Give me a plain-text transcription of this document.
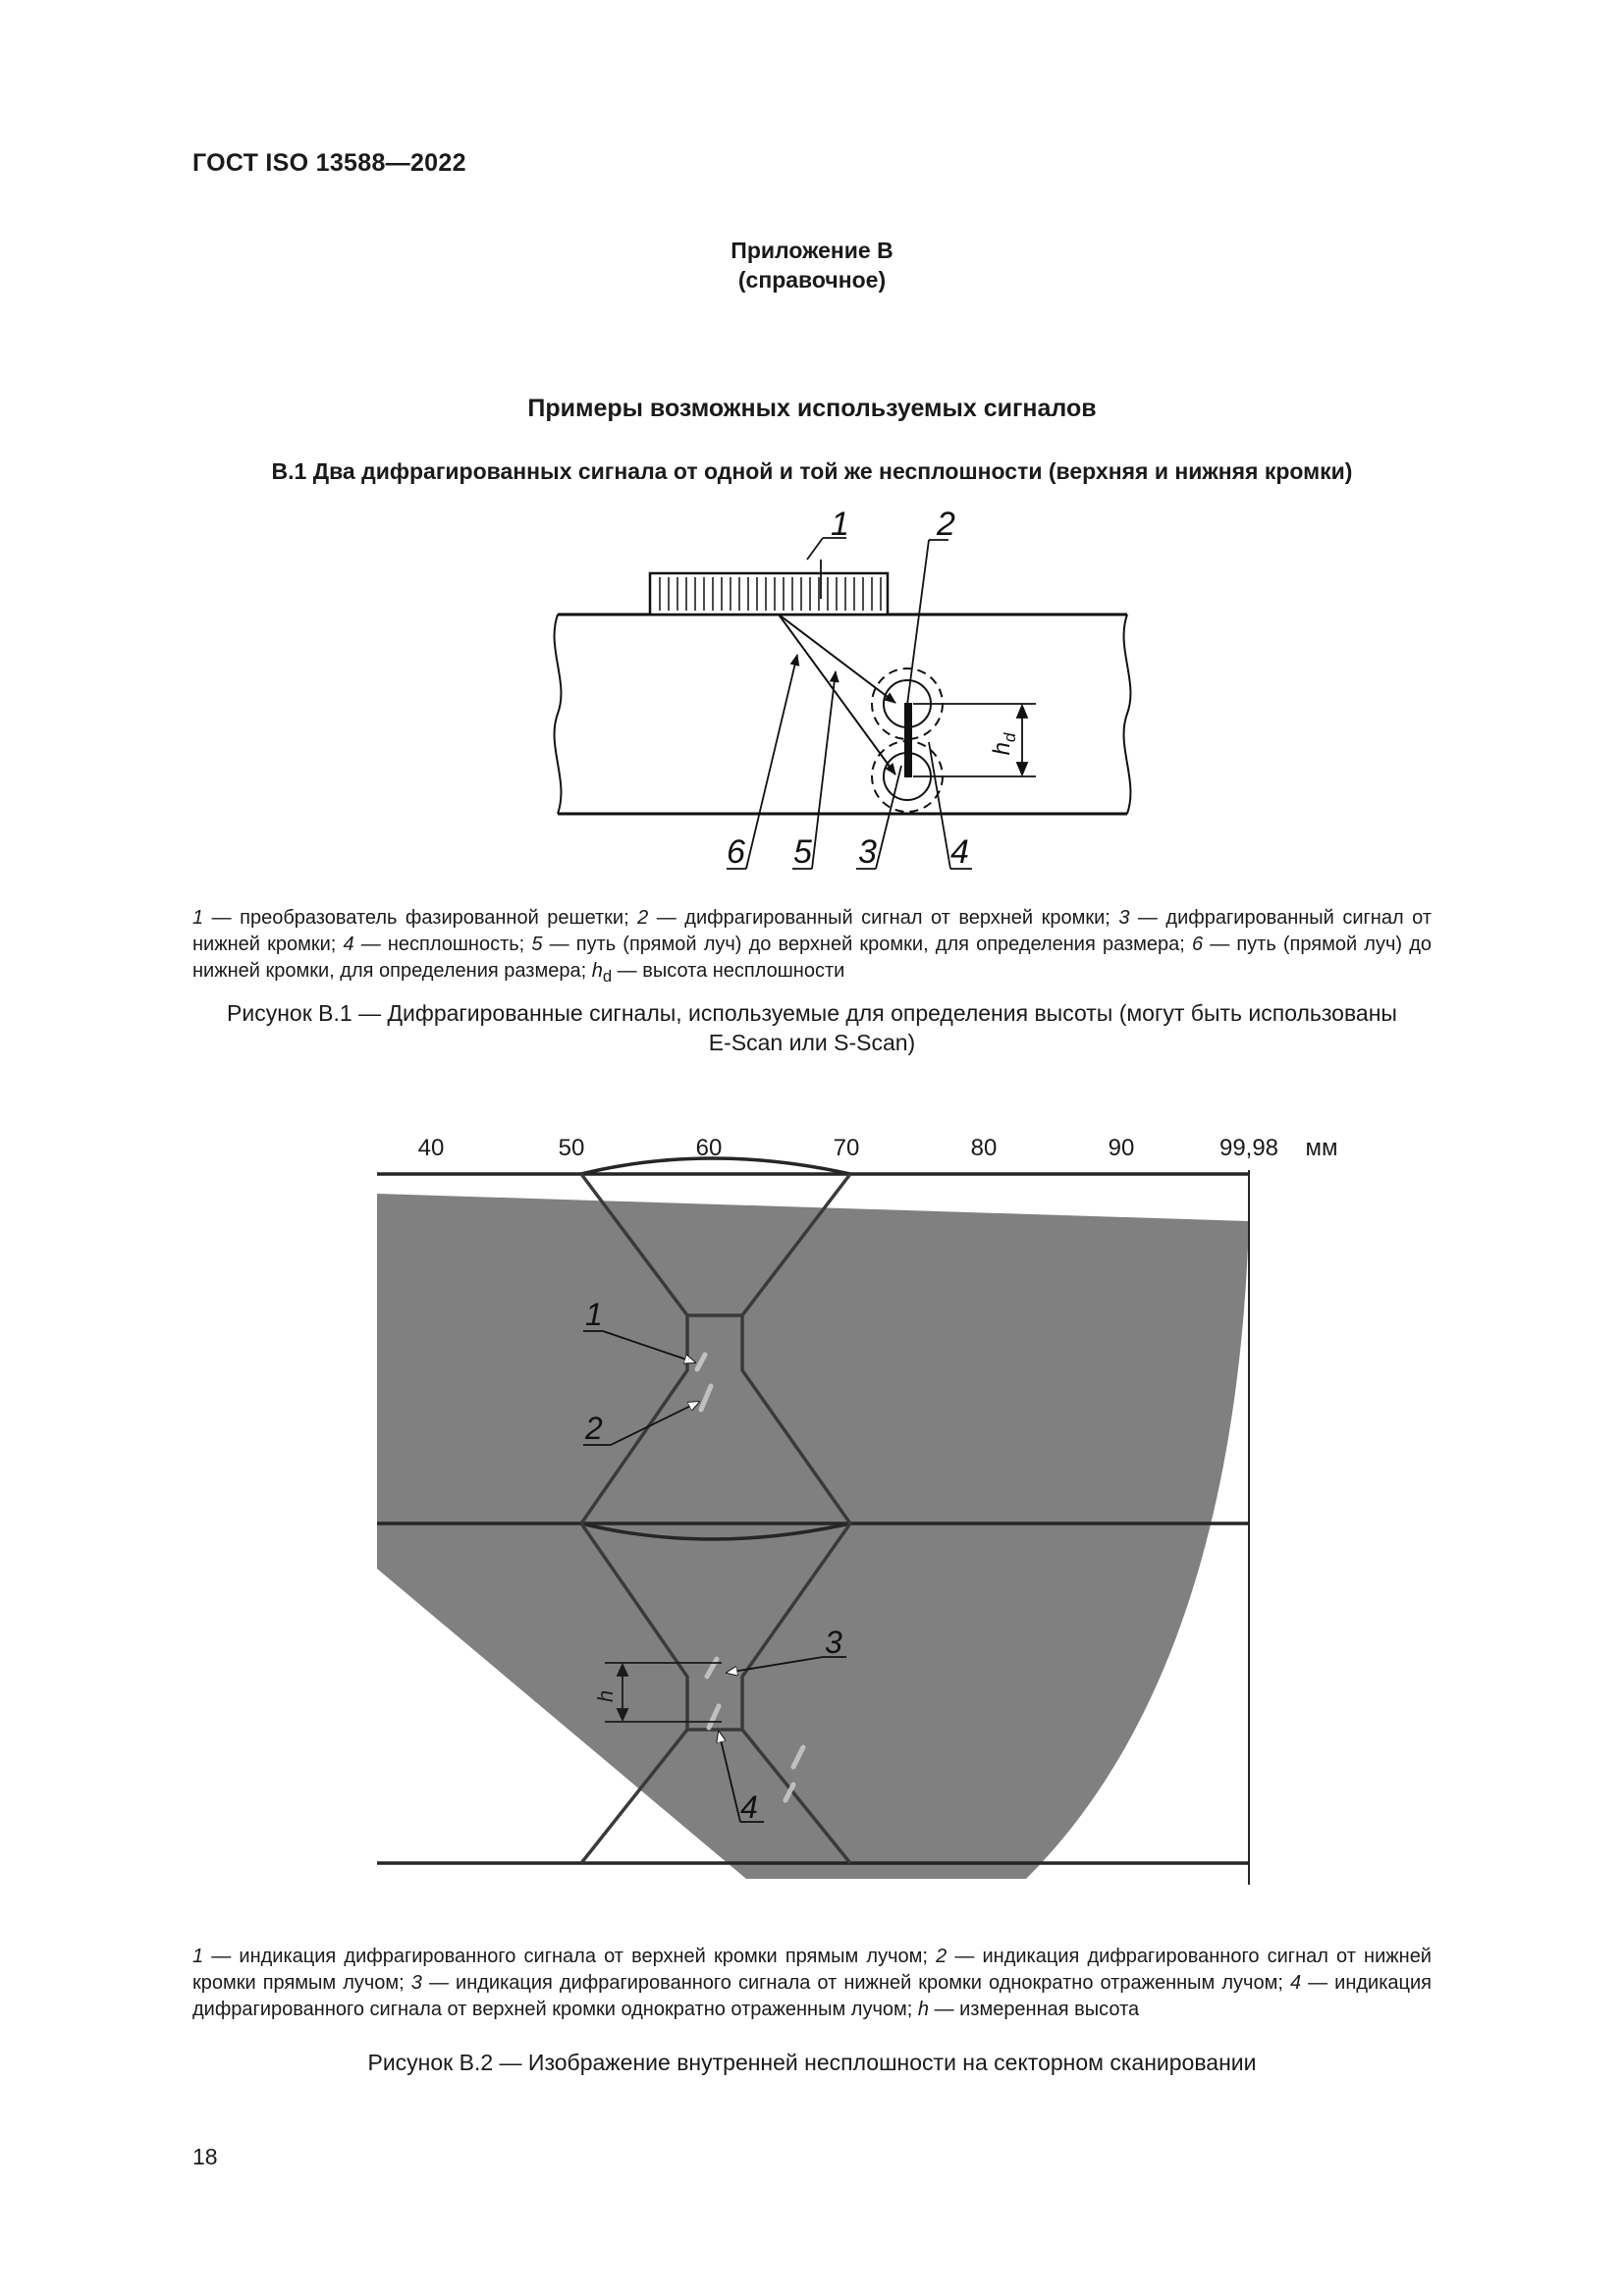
ГОСТ ISO 13588—2022
Приложение В
(справочное)
Примеры возможных используемых сигналов
В.1 Два дифрагированных сигнала от одной и той же несплошности (верхняя и нижняя кромки)
$h_d$
1	2
3 4
5
6
1 — преобразователь фазированной решетки; 2 — дифрагированный сигнал от верхней кромки; 3 — дифрагированный сигнал от нижней кромки; 4 — несплошность; 5 — путь (прямой луч) до верхней кромки, для определения размера; 6 — путь (прямой луч) до нижней кромки, для определения размера; $h_d$ — высота несплошности
Рисунок В.1 — Дифрагированные сигналы, используемые для определения высоты (могут быть использованы
E-Scan или S-Scan)
40	50	60	70	80	90	99,98 мм
h
1
2
3
4
1 — индикация дифрагированного сигнала от верхней кромки прямым лучом; 2 — индикация дифрагированного сигнал от нижней кромки прямым лучом; 3 — индикация дифрагированного сигнала от нижней кромки однократно отраженным лучом; 4 — индикация дифрагированного сигнала от верхней кромки однократно отраженным лучом; h — измеренная высота
Рисунок В.2 — Изображение внутренней несплошности на секторном сканировании
18
